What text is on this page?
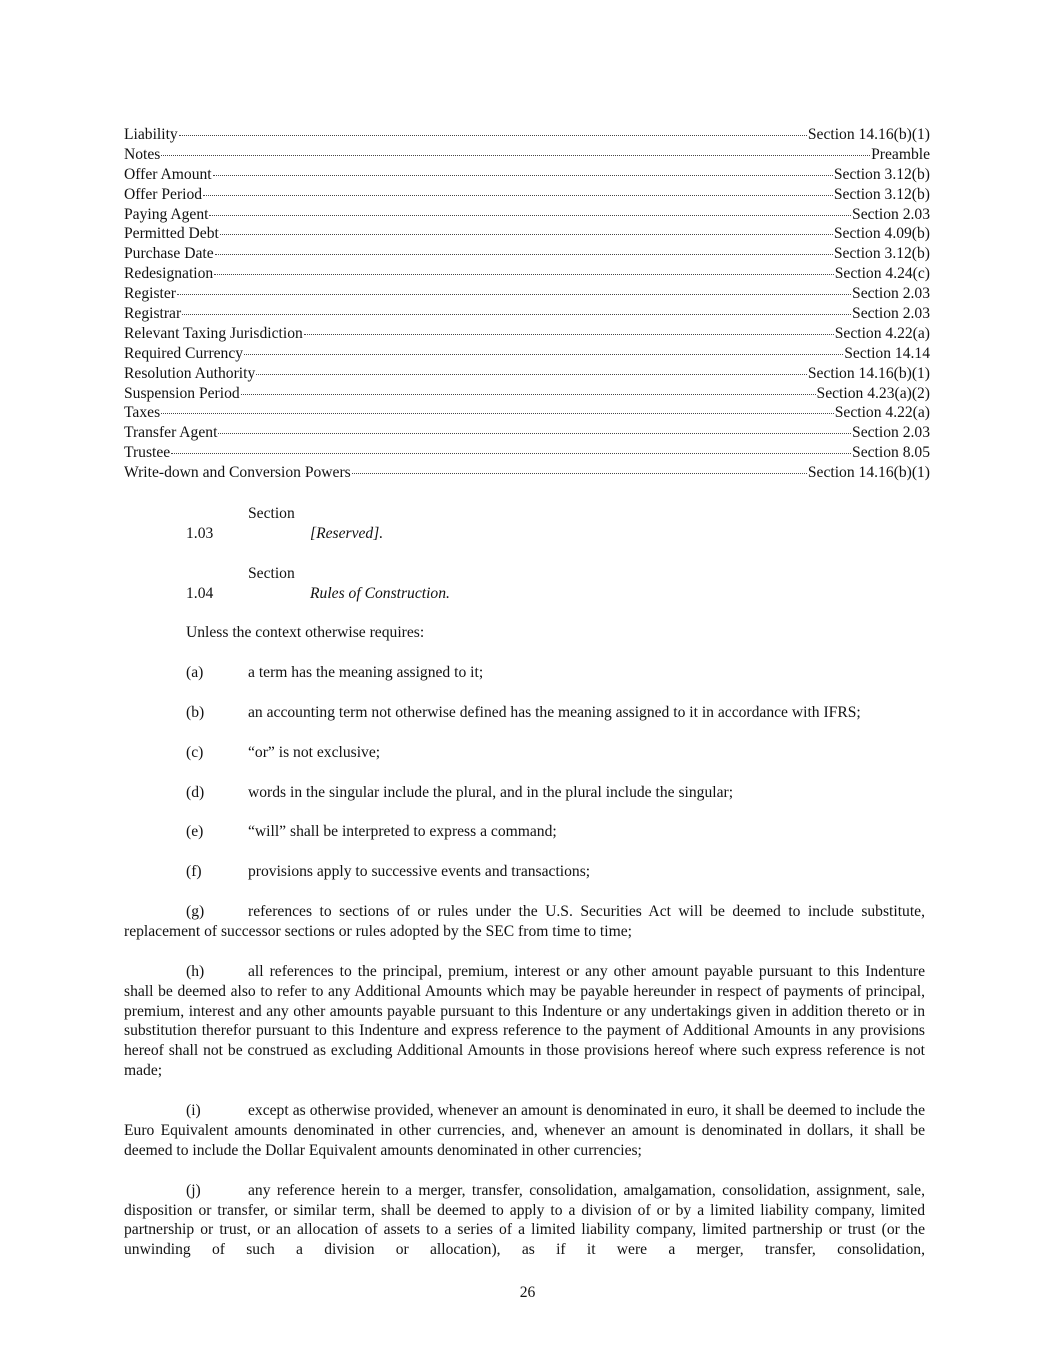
Liability	Section 14.16(b)(1)
Notes	Preamble
Offer Amount	Section 3.12(b)
Offer Period	Section 3.12(b)
Paying Agent	Section 2.03
Permitted Debt	Section 4.09(b)
Purchase Date	Section 3.12(b)
Redesignation	Section 4.24(c)
Register	Section 2.03
Registrar	Section 2.03
Relevant Taxing Jurisdiction	Section 4.22(a)
Required Currency	Section 14.14
Resolution Authority	Section 14.16(b)(1)
Suspension Period	Section 4.23(a)(2)
Taxes	Section 4.22(a)
Transfer Agent	Section 2.03
Trustee	Section 8.05
Write-down and Conversion Powers	Section 14.16(b)(1)
Section 1.03	[Reserved].
Section 1.04	Rules of Construction.
Unless the context otherwise requires:
(a)	a term has the meaning assigned to it;
(b)	an accounting term not otherwise defined has the meaning assigned to it in accordance with IFRS;
(c)	“or” is not exclusive;
(d)	words in the singular include the plural, and in the plural include the singular;
(e)	“will” shall be interpreted to express a command;
(f)	provisions apply to successive events and transactions;
(g)	references to sections of or rules under the U.S. Securities Act will be deemed to include substitute, replacement of successor sections or rules adopted by the SEC from time to time;
(h)	all references to the principal, premium, interest or any other amount payable pursuant to this Indenture shall be deemed also to refer to any Additional Amounts which may be payable hereunder in respect of payments of principal, premium, interest and any other amounts payable pursuant to this Indenture or any undertakings given in addition thereto or in substitution therefor pursuant to this Indenture and express reference to the payment of Additional Amounts in any provisions hereof shall not be construed as excluding Additional Amounts in those provisions hereof where such express reference is not made;
(i)	except as otherwise provided, whenever an amount is denominated in euro, it shall be deemed to include the Euro Equivalent amounts denominated in other currencies, and, whenever an amount is denominated in dollars, it shall be deemed to include the Dollar Equivalent amounts denominated in other currencies;
(j)	any reference herein to a merger, transfer, consolidation, amalgamation, consolidation, assignment, sale, disposition or transfer, or similar term, shall be deemed to apply to a division of or by a limited liability company, limited partnership or trust, or an allocation of assets to a series of a limited liability company, limited partnership or trust (or the unwinding of such a division or allocation), as if it were a merger, transfer, consolidation,
26
